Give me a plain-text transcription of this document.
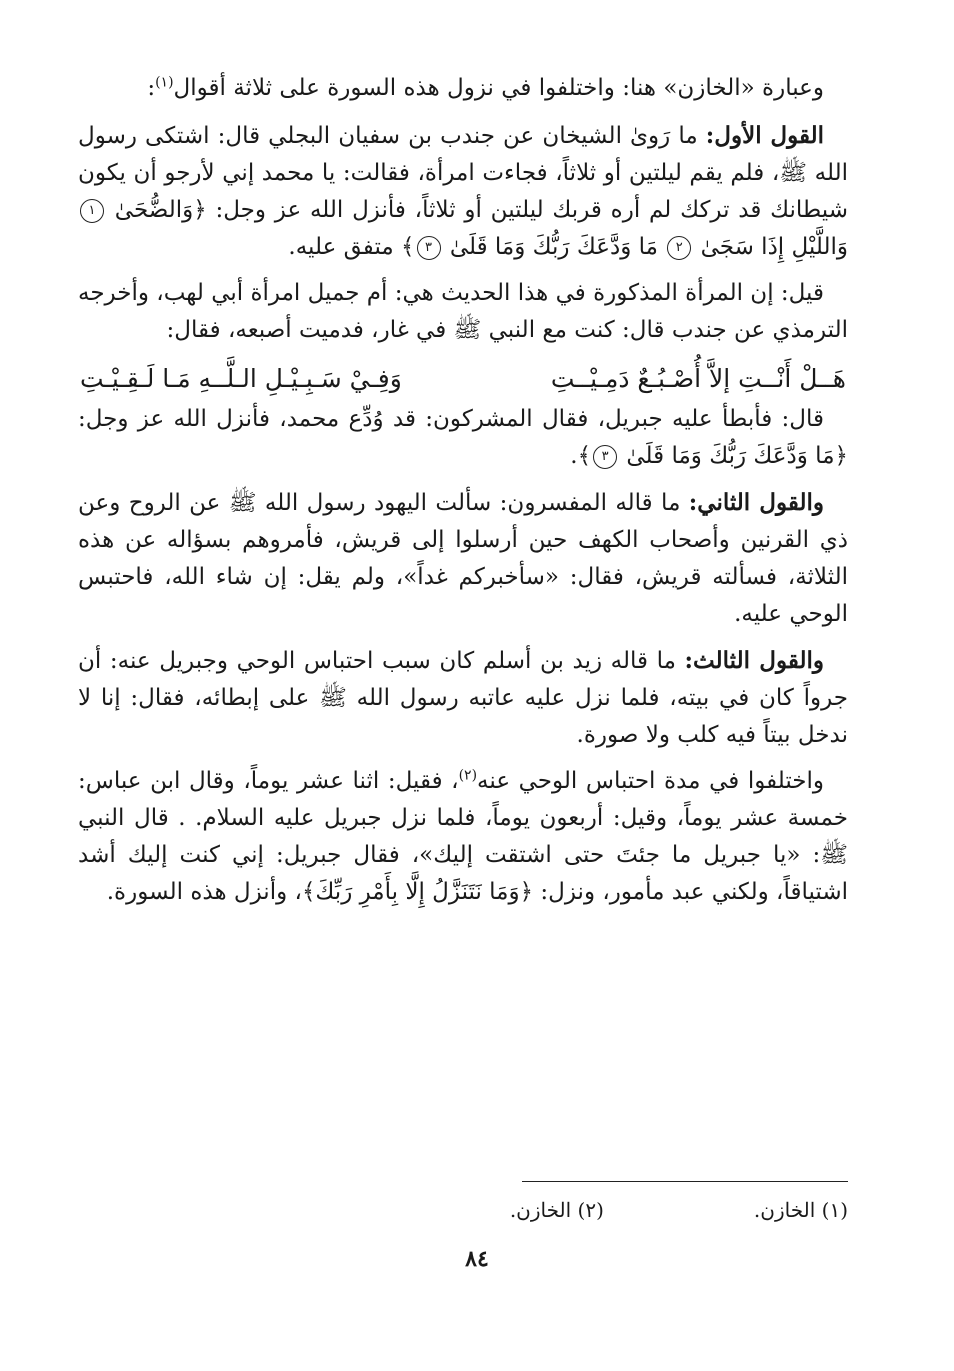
وعبارة «الخازن» هنا: واختلفوا في نزول هذه السورة على ثلاثة أقوال$^{(١)}$:

القول الأول: ما رَوىٰ الشيخان عن جندب بن سفيان البجلي قال: اشتكى رسول الله ﷺ، فلم يقم ليلتين أو ثلاثاً، فجاءت امرأة، فقالت: يا محمد إني لأرجو أن يكون شيطانك قد تركك لم أره قربك ليلتين أو ثلاثاً، فأنزل الله عز وجل: ﴿وَالضُّحَىٰ ١ وَاللَّيْلِ إِذَا سَجَىٰ ٢ مَا وَدَّعَكَ رَبُّكَ وَمَا قَلَىٰ ٣﴾ متفق عليه.

قيل: إن المرأة المذكورة في هذا الحديث هي: أم جميل امرأة أبي لهب، وأخرجه الترمذي عن جندب قال: كنت مع النبي ﷺ في غار، فدميت أصبعه، فقال:

هَــلْ أَنْــتِ إلاَّ أُصْـبُـعٌ دَمِـيْــتِ
وَفِـيْ سَـبِـيْـلِ الـلَّــهِ مَـا لَـقِـيْـتِ

قال: فأبطأ عليه جبريل، فقال المشركون: قد وُدِّع محمد، فأنزل الله عز وجل: ﴿مَا وَدَّعَكَ رَبُّكَ وَمَا قَلَىٰ ٣﴾.

والقول الثاني: ما قاله المفسرون: سألت اليهود رسول الله ﷺ عن الروح وعن ذي القرنين وأصحاب الكهف حين أرسلوا إلى قريش، فأمروهم بسؤاله عن هذه الثلاثة، فسألته قريش، فقال: «سأخبركم غداً»، ولم يقل: إن شاء الله، فاحتبس الوحي عليه.

والقول الثالث: ما قاله زيد بن أسلم كان سبب احتباس الوحي وجبريل عنه: أن جرواً كان في بيته، فلما نزل عليه عاتبه رسول الله ﷺ على إبطائه، فقال: إنا لا ندخل بيتاً فيه كلب ولا صورة.

واختلفوا في مدة احتباس الوحي عنه$^{(٢)}$، فقيل: اثنا عشر يوماً، وقال ابن عباس: خمسة عشر يوماً، وقيل: أربعون يوماً، فلما نزل جبريل عليه السلام. . قال النبي ﷺ: «يا جبريل ما جئتَ حتى اشتقت إليك»، فقال جبريل: إني كنت إليك أشد اشتياقاً، ولكني عبد مأمور، ونزل: ﴿وَمَا نَتَنَزَّلُ إِلَّا بِأَمْرِ رَبِّكَ﴾، وأنزل هذه السورة.

(١) الخازن.
(٢) الخازن.
٨٤
